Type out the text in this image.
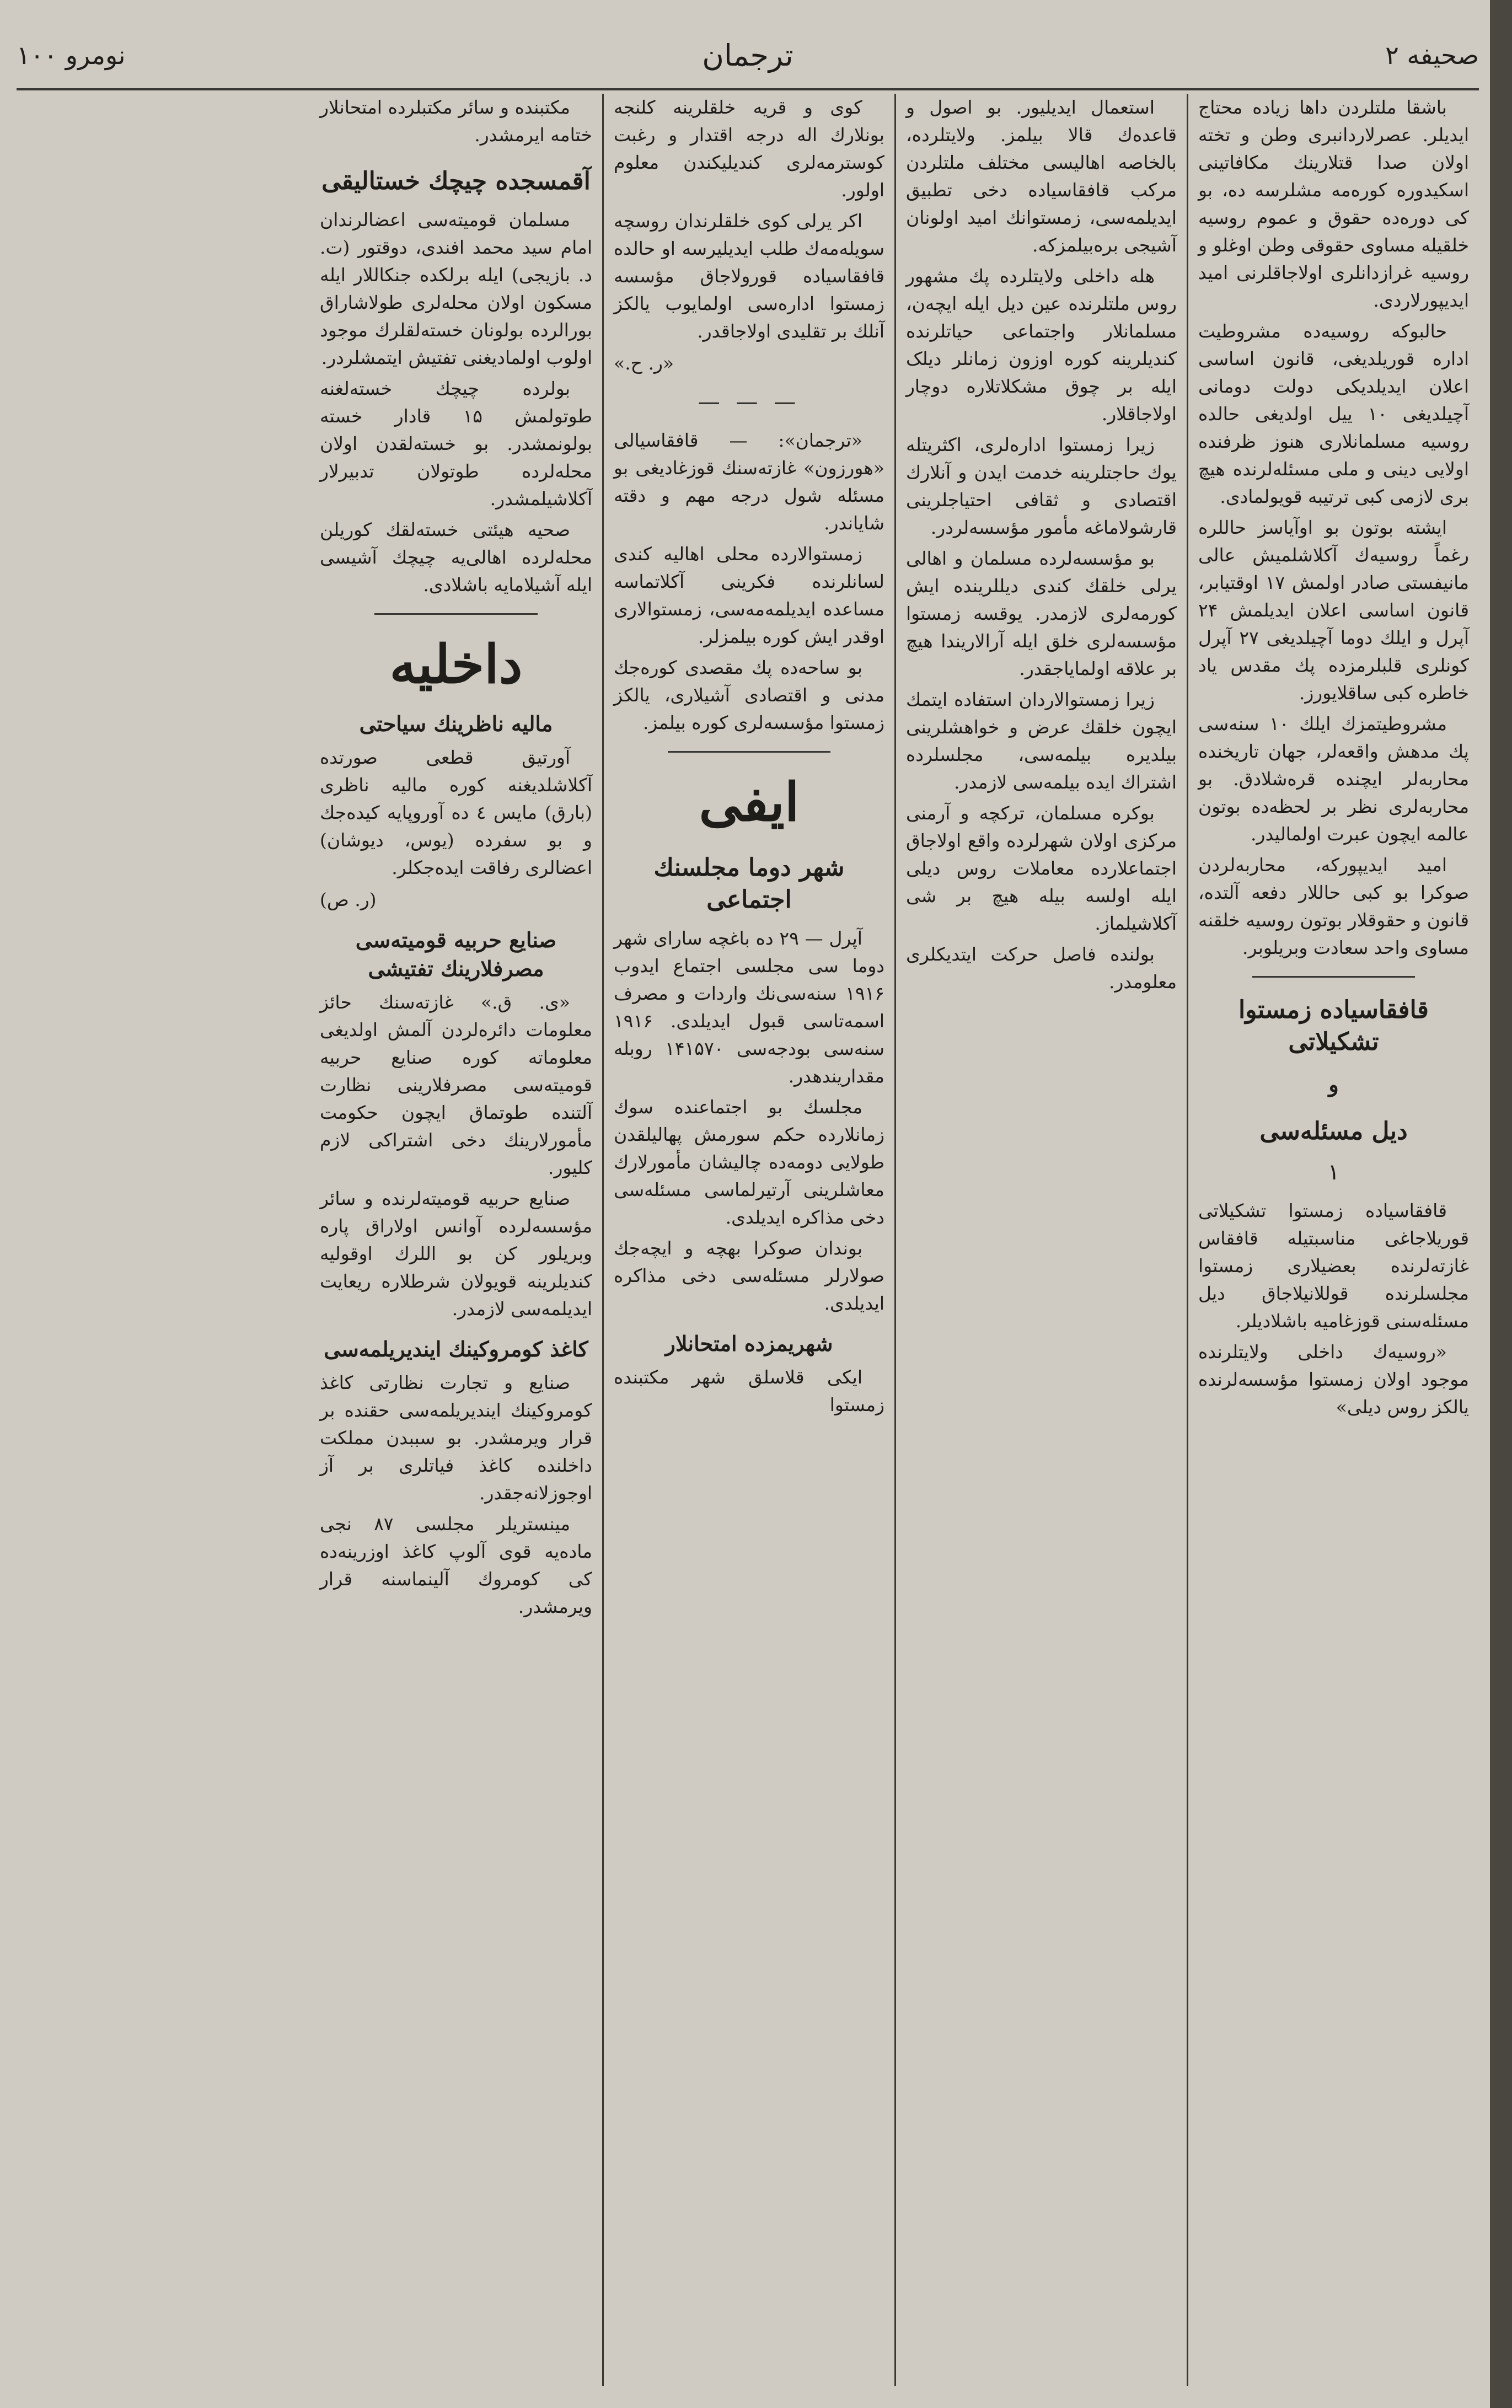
صحیفه ۲
ترجمان
نومرو ۱۰۰

باشقا ملتلردن داها زیاده محتاج ایدیلر. عصرلاردانبری وطن و تخته اولان صدا قتلارینك مکافاتینی اسکیدوره کوره‌مه مشلر‌سه ده، بو کی دوره‌ده حقوق و عموم روسیه خلقیله مساوی حقوقی وطن اوغلو و روسیه غرازدانلری اولاجاقلرنی امید ایدیپورلاردی.

حالبوکه روسیه‌ده مشروطیت اداره قوریلدیغی، قانون اساسی اعلان ایدیلدیکی دولت دومانی آچیلدیغی ۱۰ ییل اولدیغی حالده روسیه مسلمانلاری هنوز ظرفنده اولایی دینی و ملی مسئله‌لرنده هیچ بری لازمی کبی ترتیبه قویولمادی.

ایشته بوتون بو اوآیاسز حاللره رغماً روسیه‌ك آکلاشلمیش عالی مانیفستی صادر اولمش ۱۷ اوقتیابر، قانون اساسی اعلان ایدیلمش ۲۴ آپرل و ایلك دوما آچیلدیغی ۲۷ آپرل کونلری قلبلرمزده پك مقدس یاد خاطره کبی ساقلایورز.

مشروطیتمزك ایلك ۱۰ سنه‌سی پك مدهش واقعه‌لر، جهان تاریخنده محاربه‌لر ایچنده قره‌شلادق. بو محاربه‌لری نظر بر لحظه‌ده بوتون عالمه ایچون عبرت اولمالیدر.

امید ایدیپورکه، محاربه‌لردن صوکرا بو کبی حاللار دفعه آلتده، قانون و حقوقلار بوتون روسیه خلقنه مساوی واحد سعادت وبریلوبر.

قافقاسیاده زمستوا تشکیلاتی
و
دیل مسئله‌سی
۱

قافقاسیاده زمستوا تشکیلاتی قوریلاجاغی مناسبتیله قافقاس غازته‌لرنده بعضیلاری زمستوا مجلسلرنده قوللانیلاجاق دیل مسئله‌سنی قوزغامیه باشلادیلر.

«روسیه‌ك داخلی ولایتلرنده موجود اولان زمستوا مؤسسه‌لرنده یالکز روس دیلی»

استعمال ایدیلیور. بو اصول و قاعده‌ك قالا بیلمز. ولایتلرده، بالخاصه اهالیسی مختلف ملتلردن مرکب قافقاسیاده دخی تطبیق ایدیلمه‌سی، زمستوانك امید اولونان آشیجی بره‌بیلمزکه.

هله داخلی ولایتلرده پك مشهور روس ملتلرنده عین دیل ایله ایچه‌ن، مسلمانلار واجتماعی حیاتلرنده کندیلرینه کوره اوزون زمانلر دیلک ایله بر چوق مشکلاتلاره دوچار اولاجاقلار.

زیرا زمستوا اداره‌لری، اکثریتله یوك حاجتلرینه خدمت ایدن و آنلارك اقتصادی و ثقافی احتیاجلرینی قارشولاماغه مأمور مؤسسه‌لردر.

بو مؤسسه‌لرده مسلمان و اهالی یرلی خلقك کندی دیللرینده ایش کورمه‌لری لازمدر. یوقسه زمستوا مؤسسه‌لری خلق ایله آرالاریندا هیچ بر علاقه اولمایاجقدر.

زیرا زمستوا‌لاردان استفاده ایتمك ایچون خلقك عرض و خواهشلرینی بیلدیره بیلمه‌سی، مجلسلرده اشتراك ایده بیلمه‌سی لازمدر.

بوکره مسلمان، ترکچه و آرمنی مرکزی اولان شهرلرده واقع اولاجاق اجتماعلارده معاملات روس دیلی ایله اولسه بیله هیچ بر شی آکلاشیلماز.

بولنده فاصل حرکت ایتدیکلری معلومدر.

کوی و قریه خلقلرینه کلنجه بونلارك اله درجه اقتدار و رغبت کوسترمه‌لری کندیلیکندن معلوم اولور.

اکر یرلی کوی خلقلرندان روسچه سویله‌مه‌ك طلب ایدیلیرسه او حالده قافقاسیاده قورولاجاق مؤسسه زمستوا اداره‌سی اولمایوب یالکز آنلك بر تقلیدی اولاجاقدر.

«ر. ح.»
— — —

«ترجمان»: — قافقاسیالی «هورزون» غازته‌سنك قوزغادیغی بو مسئله شول درجه مهم و دقته شایاندر.

زمستوالارده محلی اهالیه کندی لسانلرنده فکرینی آکلاتماسه مساعده ایدیلمه‌مه‌سی، زمستوالاری اوقدر ایش کوره بیلمزلر.

بو ساحه‌ده پك مقصدی کوره‌جك مدنی و اقتصادی آشیلاری، یالکز زمستوا مؤسسه‌لری کوره بیلمز.

ایفی
شهر دوما مجلسنك اجتماعی

آپرل — ۲۹ ده باغچه سارای شهر دوما سی مجلسی اجتماع ایدوب ۱۹۱۶ سنه‌سی‌نك واردات و مصرف اسمه‌تاسی قبول ایدیلدی. ۱۹۱۶ سنه‌سی بودجه‌سی ۱۴۱۵۷۰ روبله مقداریندهدر.

مجلسك بو اجتماعنده سوك زمانلارده حکم سورمش پهالیلقدن طولایی دومه‌ده چالیشان مأمورلارك معاشلرینی آرتیرلماسی مسئله‌سی دخی مذاکره ایدیلدی.

بوندان صوکرا بهچه و ایچه‌جك صولارلر مسئله‌سی دخی مذاکره ایدیلدی.

شهریمزده امتحانلار

ایکی قلاسلق شهر مکتبنده زمستوا

مکتبنده و سائر مکتبلرده امتحانلار ختامه ایرمشدر.

آقمسجده چیچك خستالیقی

مسلمان قومیته‌سی اعضالرندان امام سید محمد افندی، دوقتور (ت. د. بازیجی) ایله برلکده جنکاللار ایله مسکون اولان محله‌لری طولاشاراق بورالرده بولونان خسته‌لقلرك موجود اولوب اولمادیغنی تفتیش ایتمشلردر.

بولرده چیچك خسته‌لغنه طوتولمش ۱۵ قادار خسته بولونمشدر. بو خسته‌لقدن اولان محله‌لرده طوتولان تدبیرلار آکلاشیلمشدر.

صحیه هیئتی خسته‌لقك کوریلن محله‌لرده اهالی‌یه چیچك آشیسی ایله آشیلامایه باشلادی.

داخلیه
مالیه ناظرینك سیاحتی

آورتیق قطعی صورتده آکلاشلدیغنه کوره مالیه ناظری (بارق) مایس ٤ ده آوروپایه کیده‌جك و بو سفرده (یوس، دیوشان) اعضالری رفاقت ایده‌جکلر.

(ر. ص)
صنایع حربیه قومیته‌سی مصرفلارینك تفتیشی

«ی. ق.» غازته‌سنك حائز معلومات دائره‌لردن آلمش اولدیغی معلوماته کوره صنایع حربیه قومیته‌سی مصرفلارینی نظارت آلتنده طوتماق ایچون حکومت مأمورلارینك دخی اشتراکی لازم کلیور.

صنایع حربیه قومیته‌لرنده و سائر مؤسسه‌لرده آوانس اولاراق پاره وبریلور کن بو اللرك اوقولیه کندیلرینه قویولان شرطلاره ریعایت ایدیلمه‌سی لازمدر.

کاغذ کومروکینك ایندیریلمه‌سی

صنایع و تجارت نظارتی کاغذ کومروکینك ایندیریلمه‌سی حقنده بر قرار ویرمشدر. بو سببدن مملکت داخلنده کاغذ فیاتلری بر آز اوجوزلانه‌جقدر.

مینستریلر مجلسی ۸۷ نجی ماده‌یه قوی آلوپ کاغذ اوزرینه‌ده کی کومروك آلینماسنه قرار ویرمشدر.
